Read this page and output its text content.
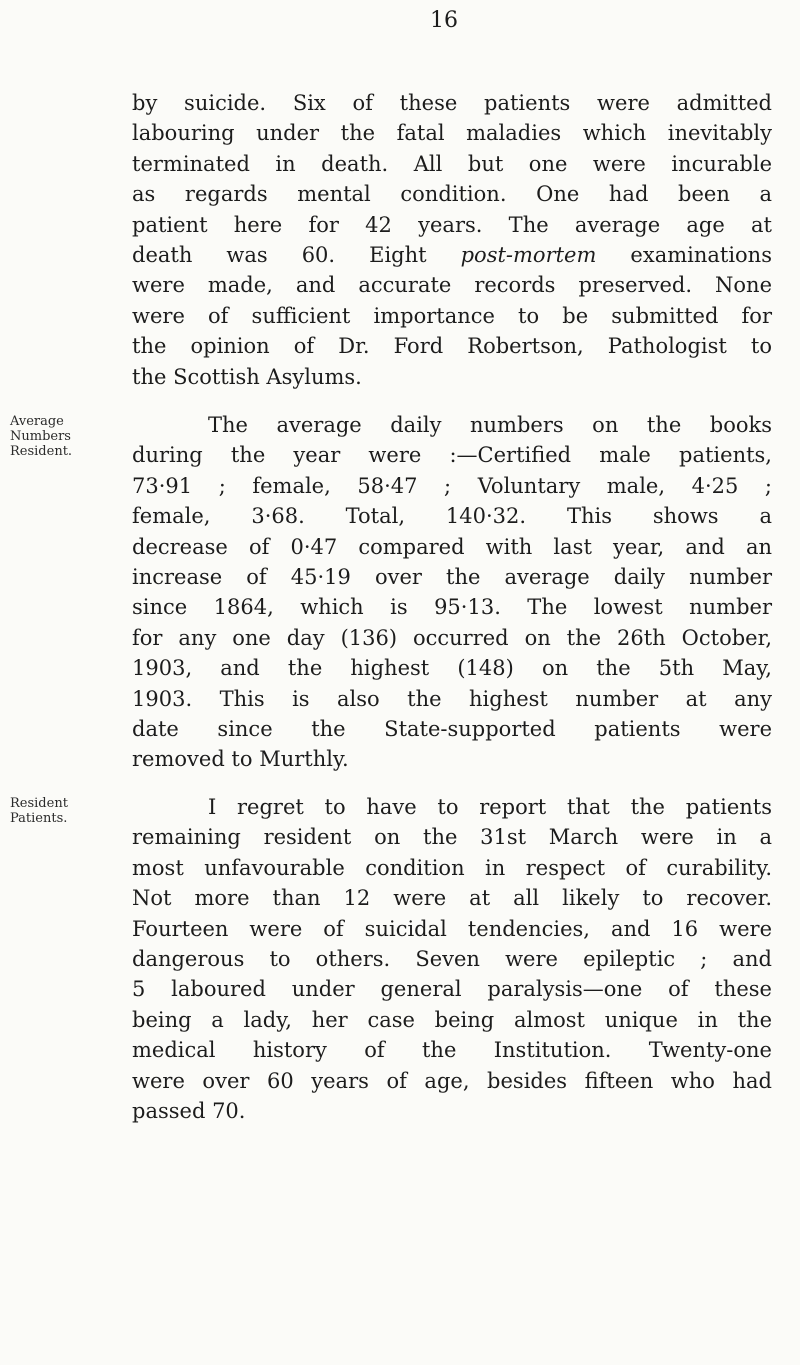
16
by suicide. Six of these patients were admitted
labouring under the fatal maladies which inevitably
terminated in death. All but one were incurable
as regards mental condition. One had been a
patient here for 42 years. The average age at
death was 60. Eight post-mortem examinations
were made, and accurate records preserved. None
were of sufficient importance to be submitted for
the opinion of Dr. Ford Robertson, Pathologist to
the Scottish Asylums.
Average
Numbers
Resident.
The average daily numbers on the books
during the year were :—Certified male patients,
73·91 ; female, 58·47 ; Voluntary male, 4·25 ;
female, 3·68. Total, 140·32. This shows a
decrease of 0·47 compared with last year, and an
increase of 45·19 over the average daily number
since 1864, which is 95·13. The lowest number
for any one day (136) occurred on the 26th October,
1903, and the highest (148) on the 5th May,
1903. This is also the highest number at any
date since the State-supported patients were
removed to Murthly.
Resident
Patients.	I regret to have to report that the patients
remaining resident on the 31st March were in a
most unfavourable condition in respect of curability.
Not more than 12 were at all likely to recover.
Fourteen were of suicidal tendencies, and 16 were
dangerous to others. Seven were epileptic ; and
5 laboured under general paralysis—one of these
being a lady, her case being almost unique in the
medical history of the Institution. Twenty-one
were over 60 years of age, besides fifteen who had
passed 70.
